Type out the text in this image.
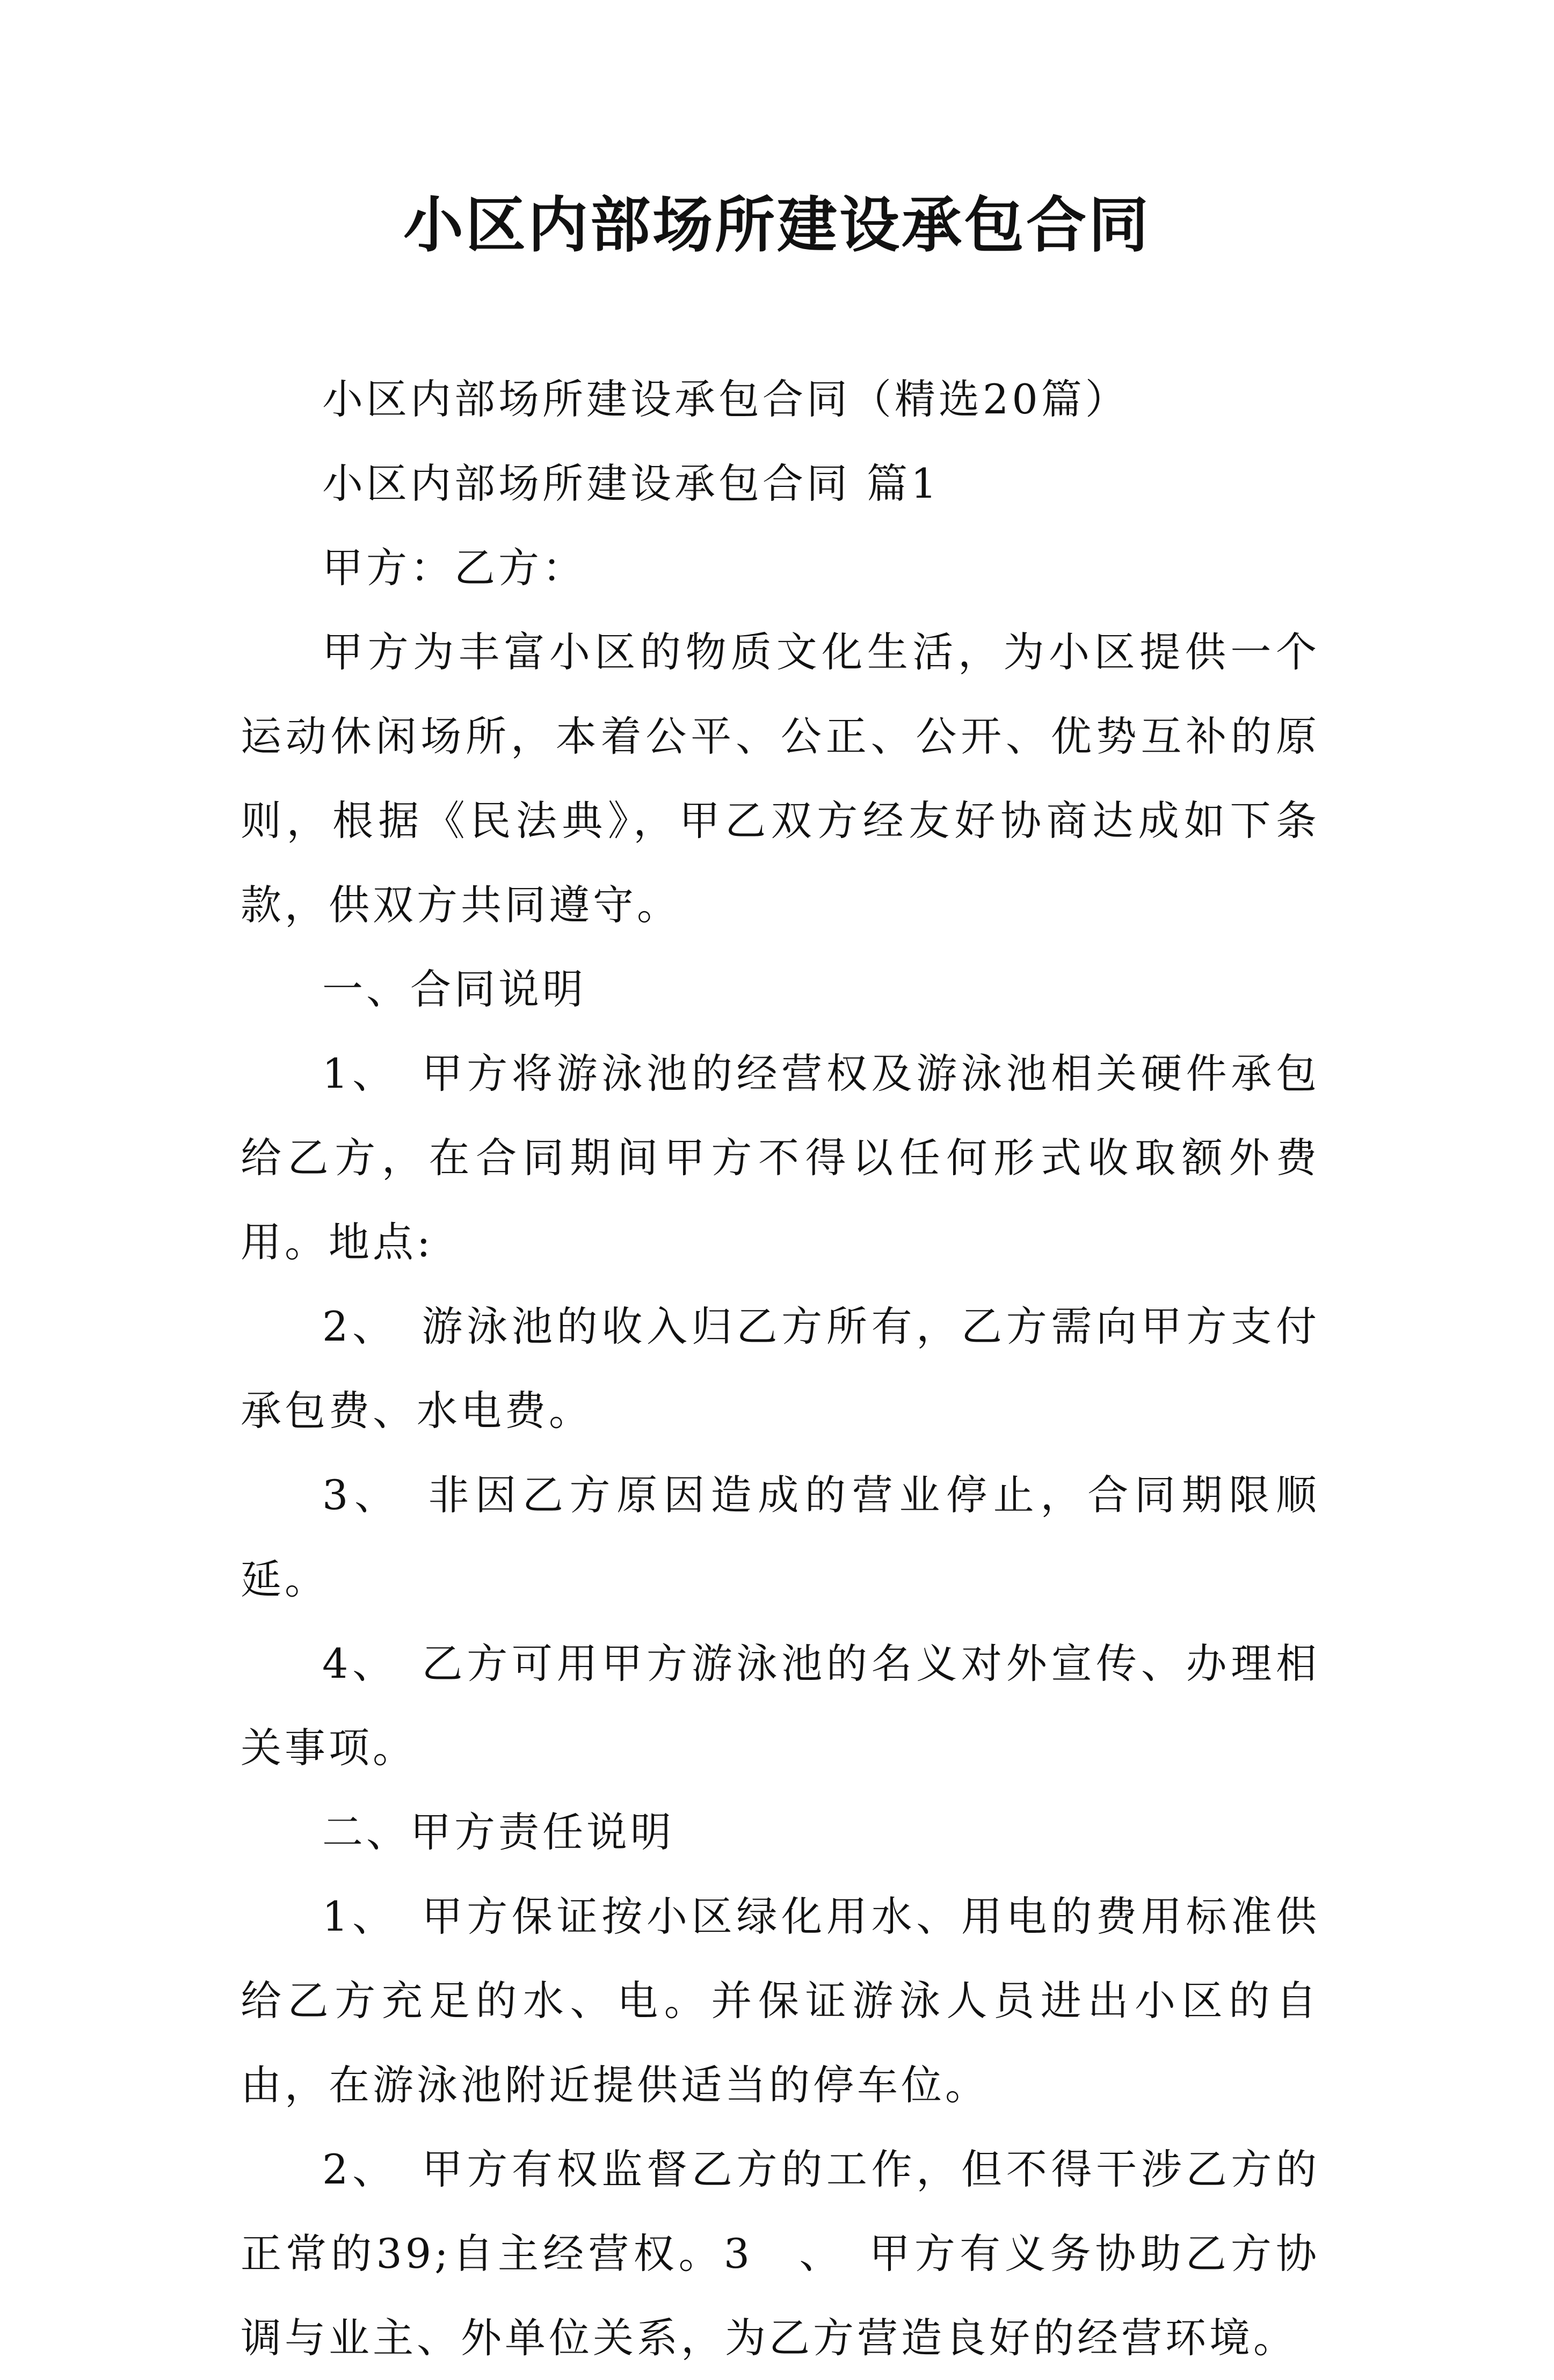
小区内部场所建设承包合同

小区内部场所建设承包合同（精选20篇）

小区内部场所建设承包合同 篇1

甲方：乙方：

甲方为丰富小区的物质文化生活，为小区提供一个运动休闲场所，本着公平、公正、公开、优势互补的原则，根据《民法典》，甲乙双方经友好协商达成如下条款，供双方共同遵守。

一、合同说明

1、　甲方将游泳池的经营权及游泳池相关硬件承包给乙方，在合同期间甲方不得以任何形式收取额外费用。地点:

2、　游泳池的收入归乙方所有，乙方需向甲方支付承包费、水电费。

3、　非因乙方原因造成的营业停止，合同期限顺延。

4、　乙方可用甲方游泳池的名义对外宣传、办理相关事项。

二、甲方责任说明

1、　甲方保证按小区绿化用水、用电的费用标准供给乙方充足的水、电。并保证游泳人员进出小区的自由，在游泳池附近提供适当的停车位。

2、　甲方有权监督乙方的工作，但不得干涉乙方的正常的39;自主经营权。3　、　甲方有义务协助乙方协调与业主、外单位关系，为乙方营造良好的经营环境。
